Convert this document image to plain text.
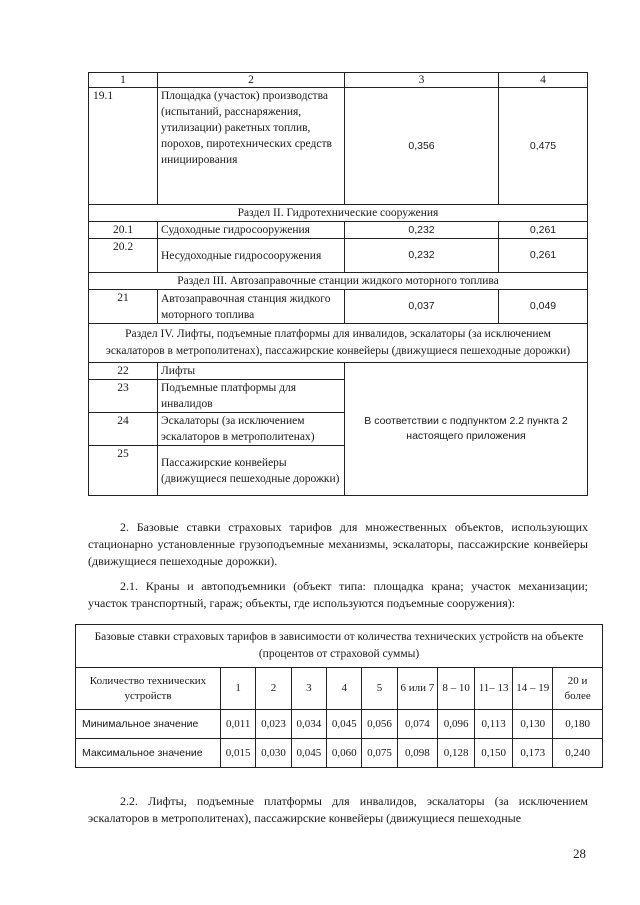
1	2	3	4
19.1	Площадка (участок) производства (испытаний, расснаряжения, утилизации) ракетных топлив, порохов, пиротехнических средств инициирования	0,356	0,475
Раздел II. Гидротехнические сооружения			
20.1	Судоходные гидросооружения	0,232	0,261
20.2	Несудоходные гидросооружения	0,232	0,261
Раздел III. Автозаправочные станции жидкого моторного топлива			
21	Автозаправочная станция жидкого моторного топлива	0,037	0,049
Раздел IV. Лифты, подъемные платформы для инвалидов, эскалаторы (за исключением эскалаторов в метрополитенах), пассажирские конвейеры (движущиеся пешеходные дорожки)			
22	Лифты	В соответствии с подпунктом 2.2 пункта 2 настоящего приложения	
23	Подъемные платформы для инвалидов		
24	Эскалаторы (за исключением эскалаторов в метрополитенах)		
25	Пассажирские конвейеры (движущиеся пешеходные дорожки)		

2. Базовые ставки страховых тарифов для множественных объектов, использующих стационарно установленные грузоподъемные механизмы, эскалаторы, пассажирские конвейеры (движущиеся пешеходные дорожки).

2.1. Краны и автоподъемники (объект типа: площадка крана; участок механизации; участок транспортный, гараж; объекты, где используются подъемные сооружения):

Базовые ставки страховых тарифов в зависимости от количества технических устройств на объекте (процентов от страховой суммы)										
Количество технических устройств	1	2	3	4	5	6 или 7	8 – 10	11– 13	14 – 19	20 и более
Минимальное значение	0,011	0,023	0,034	0,045	0,056	0,074	0,096	0,113	0,130	0,180
Максимальное значение	0,015	0,030	0,045	0,060	0,075	0,098	0,128	0,150	0,173	0,240

2.2. Лифты, подъемные платформы для инвалидов, эскалаторы (за исключением эскалаторов в метрополитенах), пассажирские конвейеры (движущиеся пешеходные

28
